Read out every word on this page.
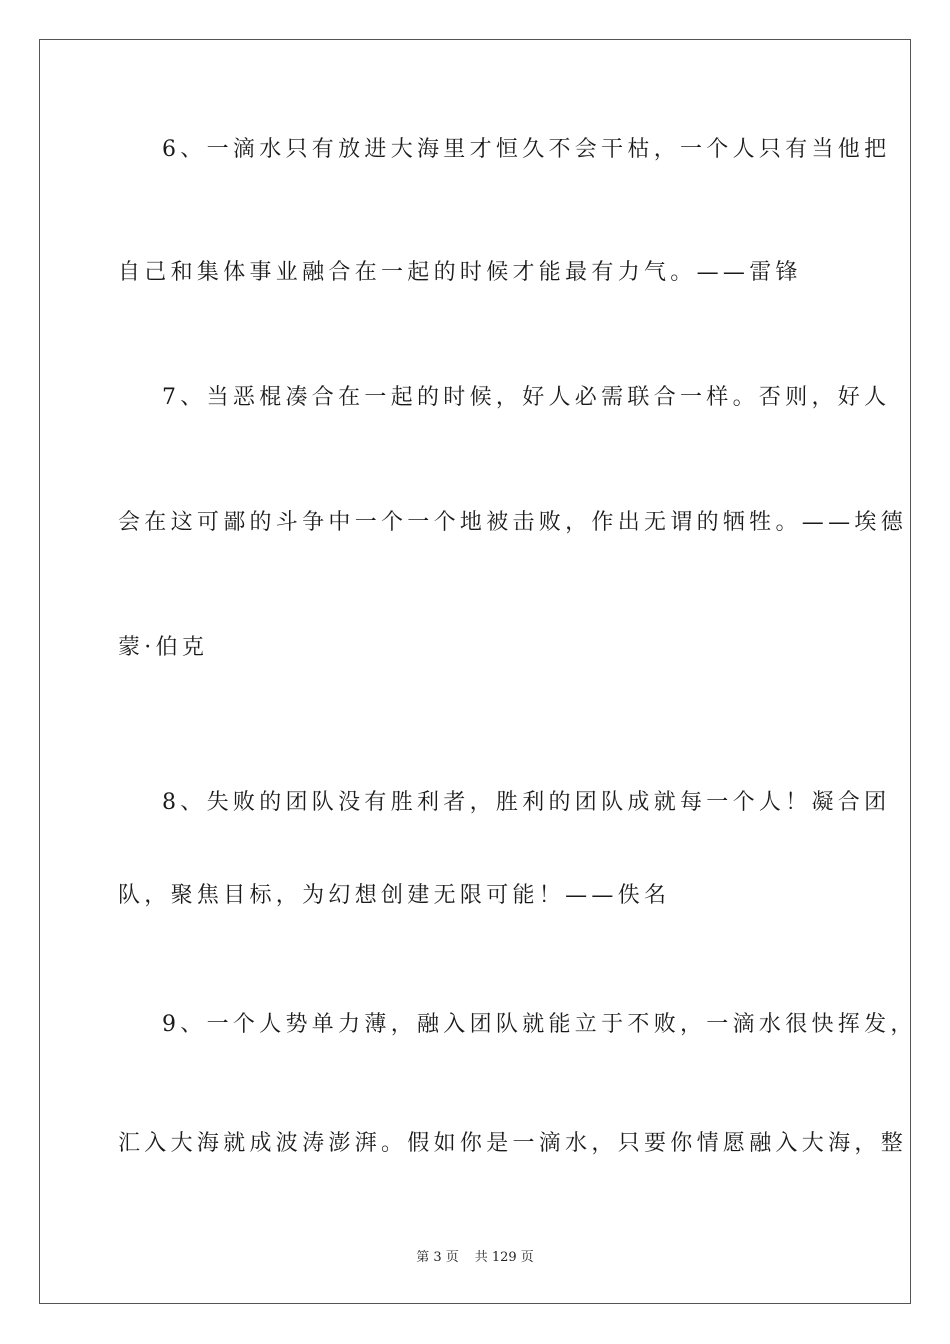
6、一滴水只有放进大海里才恒久不会干枯，一个人只有当他把
自己和集体事业融合在一起的时候才能最有力气。——雷锋
7、当恶棍凑合在一起的时候，好人必需联合一样。否则，好人
会在这可鄙的斗争中一个一个地被击败，作出无谓的牺牲。——埃德
蒙·伯克
8、失败的团队没有胜利者，胜利的团队成就每一个人！凝合团
队，聚焦目标，为幻想创建无限可能！——佚名
9、一个人势单力薄，融入团队就能立于不败，一滴水很快挥发，
汇入大海就成波涛澎湃。假如你是一滴水，只要你情愿融入大海，整
第 3 页 共 129 页
